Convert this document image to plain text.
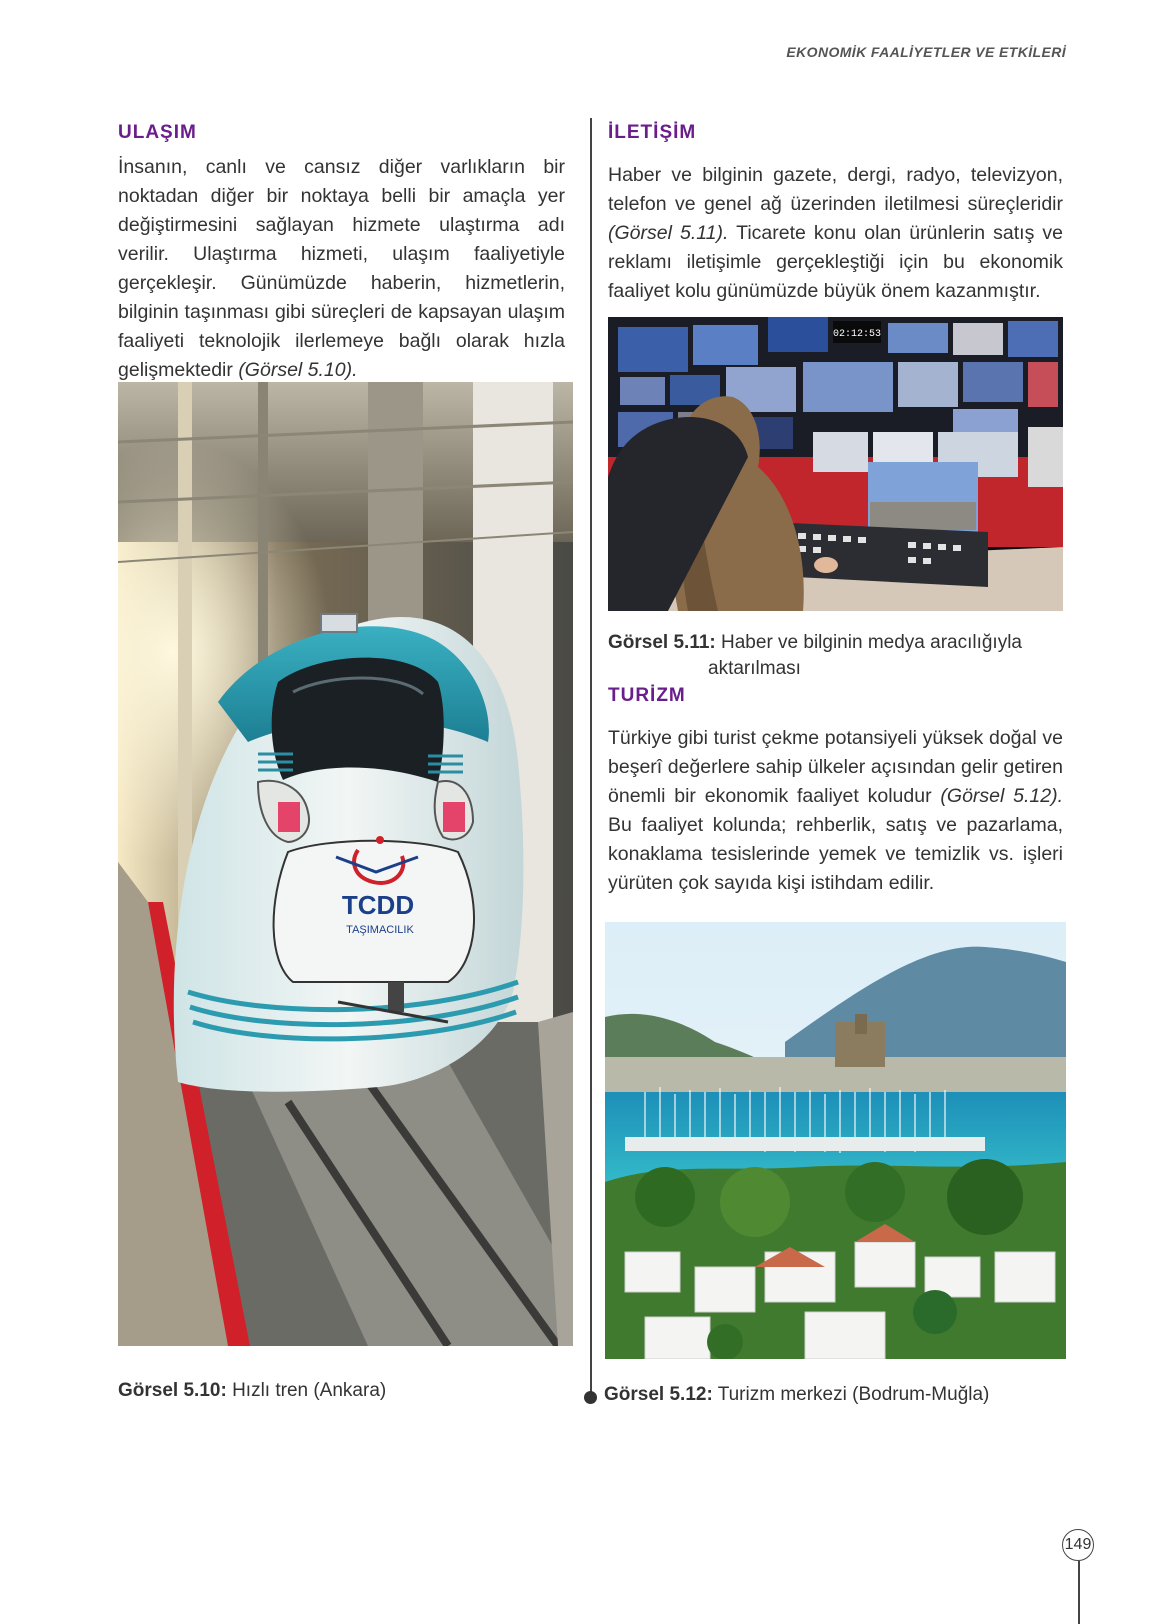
EKONOMİK FAALİYETLER VE ETKİLERİ
ULAŞIM

İnsanın, canlı ve cansız diğer varlıkların bir noktadan diğer bir noktaya belli bir amaçla yer değiştirmesini sağlayan hizmete ulaştırma adı verilir. Ulaştırma hizmeti, ulaşım faaliyetiyle gerçekleşir. Günümüzde haberin, hizmetlerin, bilginin taşınması gibi süreçleri de kapsayan ulaşım faaliyeti teknolojik ilerlemeye bağlı olarak hızla gelişmektedir (Görsel 5.10).

TCDD
TAŞIMACILIK
Görsel 5.10: Hızlı tren (Ankara)
İLETİŞİM

Haber ve bilginin gazete, dergi, radyo, televizyon, telefon ve genel ağ üzerinden iletilmesi süreçleridir (Görsel 5.11). Ticarete konu olan ürünlerin satış ve reklamı iletişimle gerçekleştiği için bu ekonomik faaliyet kolu günümüzde büyük önem kazanmıştır.

02:12:53
Görsel 5.11: Haber ve bilginin medya aracılığıyla
aktarılması
TURİZM

Türkiye gibi turist çekme potansiyeli yüksek doğal ve beşerî değerlere sahip ülkeler açısından gelir getiren önemli bir ekonomik faaliyet koludur (Görsel 5.12). Bu faaliyet kolunda; rehberlik, satış ve pazarlama, konaklama tesislerinde yemek ve temizlik vs. işleri yürüten çok sayıda kişi istihdam edilir.

Görsel 5.12: Turizm merkezi (Bodrum-Muğla)
149
